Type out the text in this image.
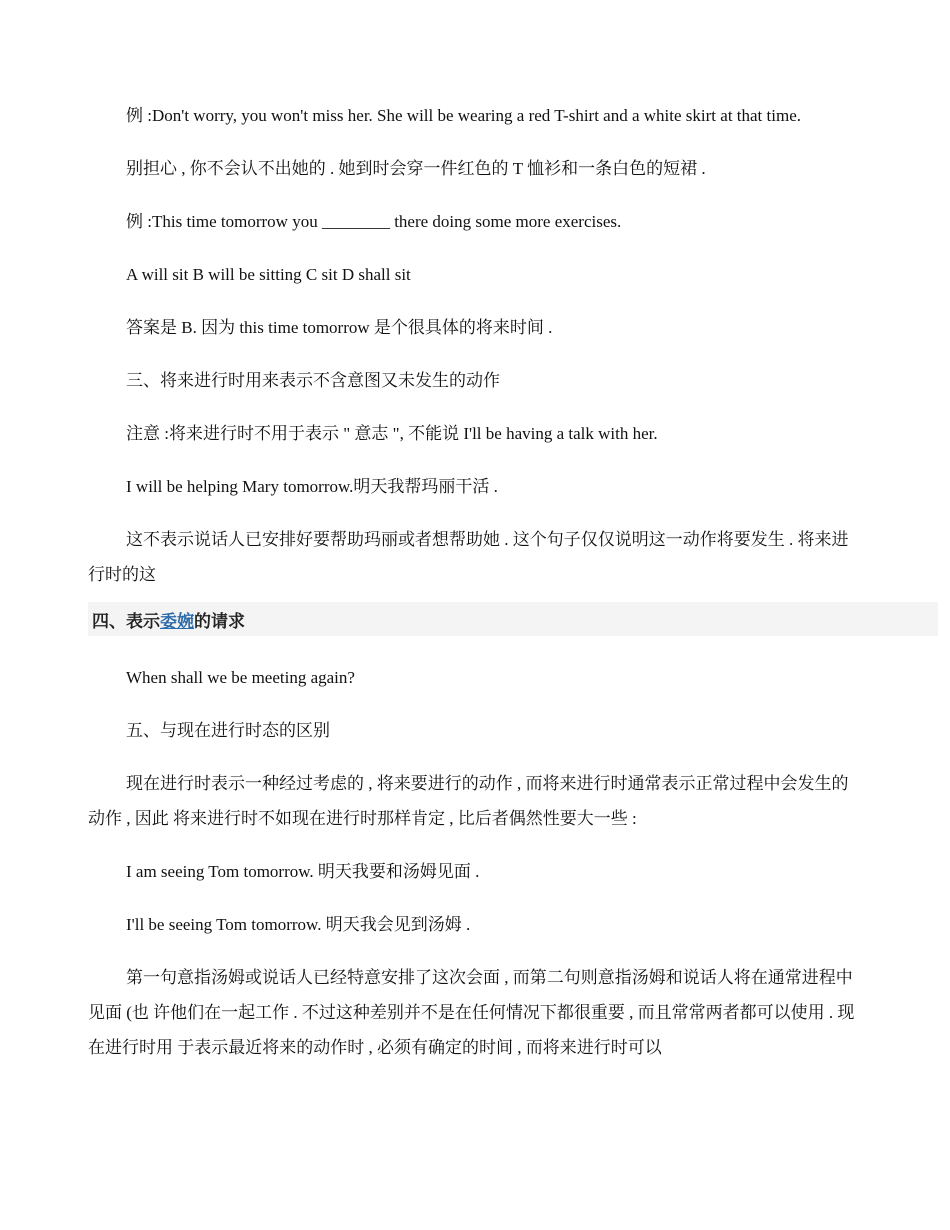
例 :Don't worry, you won't miss her. She will be wearing a red T-shirt and a white skirt at that time.

别担心 , 你不会认不出她的 . 她到时会穿一件红色的 T 恤衫和一条白色的短裙 .

例 :This time tomorrow you ________ there doing some more exercises.

A will sit B will be sitting C sit D shall sit

答案是 B. 因为 this time tomorrow 是个很具体的将来时间 .

三、将来进行时用来表示不含意图又未发生的动作

注意 :将来进行时不用于表示 " 意志 ", 不能说 I'll be having a talk with her.

I will be helping Mary tomorrow.明天我帮玛丽干活 .

这不表示说话人已安排好要帮助玛丽或者想帮助她 . 这个句子仅仅说明这一动作将要发生 . 将来进行时的这

四、表示 委婉 的请求

When shall we be meeting again?

五、与现在进行时态的区别

现在进行时表示一种经过考虑的 , 将来要进行的动作 , 而将来进行时通常表示正常过程中会发生的动作 , 因此 将来进行时不如现在进行时那样肯定 , 比后者偶然性要大一些 :

I am seeing Tom tomorrow. 明天我要和汤姆见面 .

I'll be seeing Tom tomorrow. 明天我会见到汤姆 .

第一句意指汤姆或说话人已经特意安排了这次会面 , 而第二句则意指汤姆和说话人将在通常进程中见面 (也 许他们在一起工作 . 不过这种差别并不是在任何情况下都很重要 , 而且常常两者都可以使用 . 现在进行时用 于表示最近将来的动作时 , 必须有确定的时间 , 而将来进行时可以
